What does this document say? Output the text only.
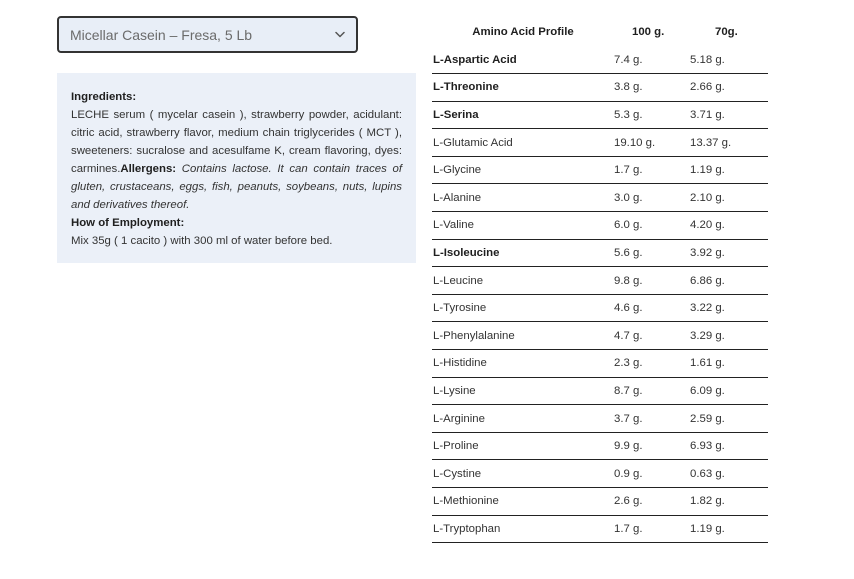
Micellar Casein – Fresa, 5 Lb
Ingredients:
LECHE serum ( mycelar casein ), strawberry powder, acidulant: citric acid, strawberry flavor, medium chain triglycerides ( MCT ), sweeteners: sucralose and acesulfame K, cream flavoring, dyes: carmines.Allergens: Contains lactose. It can contain traces of gluten, crustaceans, eggs, fish, peanuts, soybeans, nuts, lupins and derivatives thereof.
How of Employment:
Mix 35g ( 1 cacito ) with 300 ml of water before bed.
Amino Acid Profile	100 g.	70g.
L-Aspartic Acid	7.4 g.	5.18 g.
L-Threonine	3.8 g.	2.66 g.
L-Serina	5.3 g.	3.71 g.
L-Glutamic Acid	19.10 g.	13.37 g.
L-Glycine	1.7 g.	1.19 g.
L-Alanine	3.0 g.	2.10 g.
L-Valine	6.0 g.	4.20 g.
L-Isoleucine	5.6 g.	3.92 g.
L-Leucine	9.8 g.	6.86 g.
L-Tyrosine	4.6 g.	3.22 g.
L-Phenylalanine	4.7 g.	3.29 g.
L-Histidine	2.3 g.	1.61 g.
L-Lysine	8.7 g.	6.09 g.
L-Arginine	3.7 g.	2.59 g.
L-Proline	9.9 g.	6.93 g.
L-Cystine	0.9 g.	0.63 g.
L-Methionine	2.6 g.	1.82 g.
L-Tryptophan	1.7 g.	1.19 g.
